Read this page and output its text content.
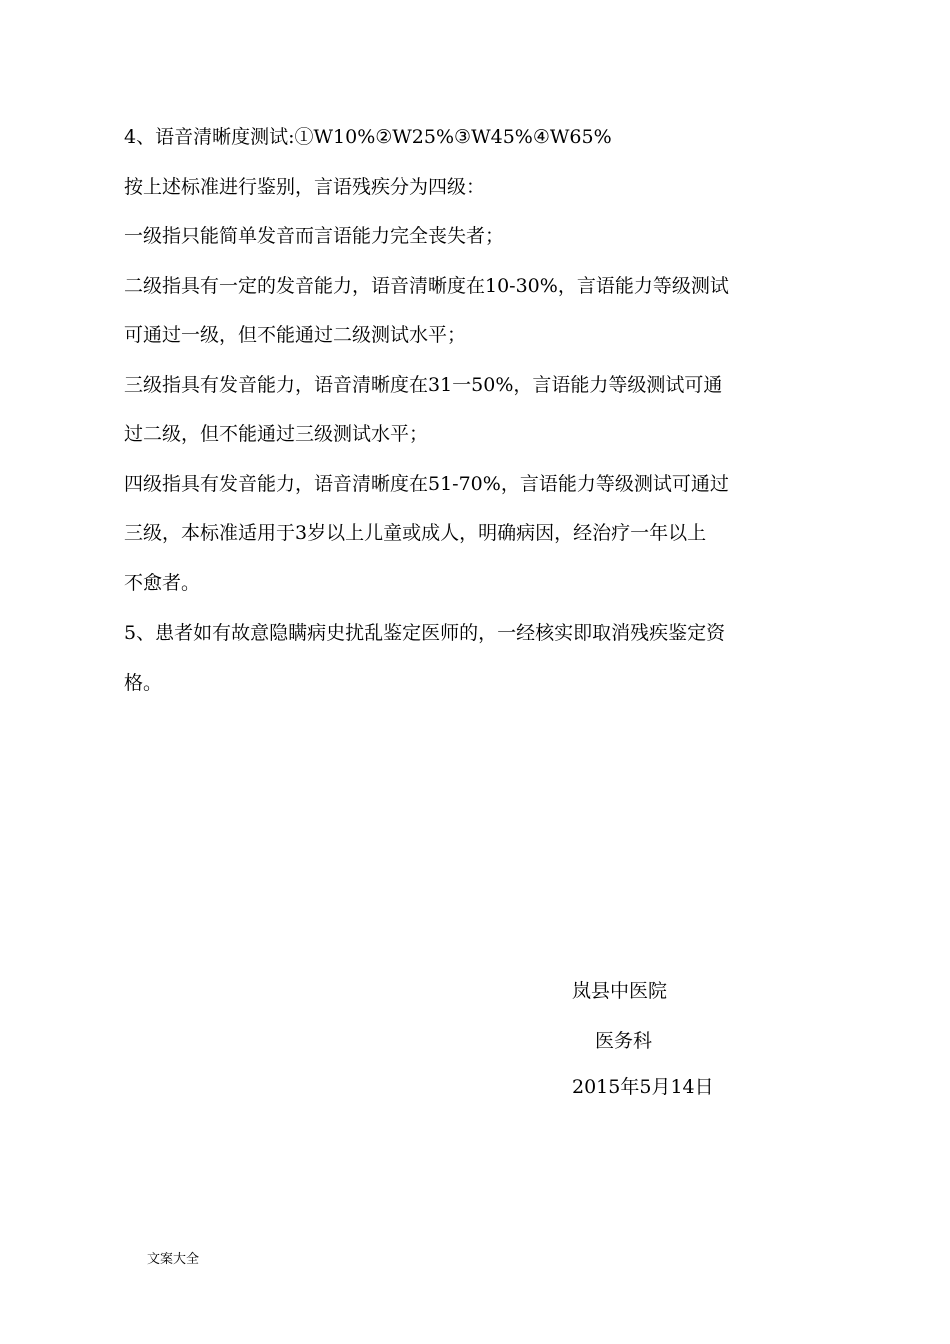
4、语音清晰度测试:①W10%②W25%③W45%④W65%
按上述标准进行鉴别，言语残疾分为四级：
一级指只能简单发音而言语能力完全丧失者；
二级指具有一定的发音能力，语音清晰度在10-30%，言语能力等级测试
可通过一级，但不能通过二级测试水平；
三级指具有发音能力，语音清晰度在31一50%，言语能力等级测试可通
过二级，但不能通过三级测试水平；
四级指具有发音能力，语音清晰度在51-70%，言语能力等级测试可通过
三级，本标准适用于3岁以上儿童或成人，明确病因，经治疗一年以上
不愈者。
5、患者如有故意隐瞒病史扰乱鉴定医师的，一经核实即取消残疾鉴定资
格。
岚县中医院
医务科
2015年5月14日
文案大全
